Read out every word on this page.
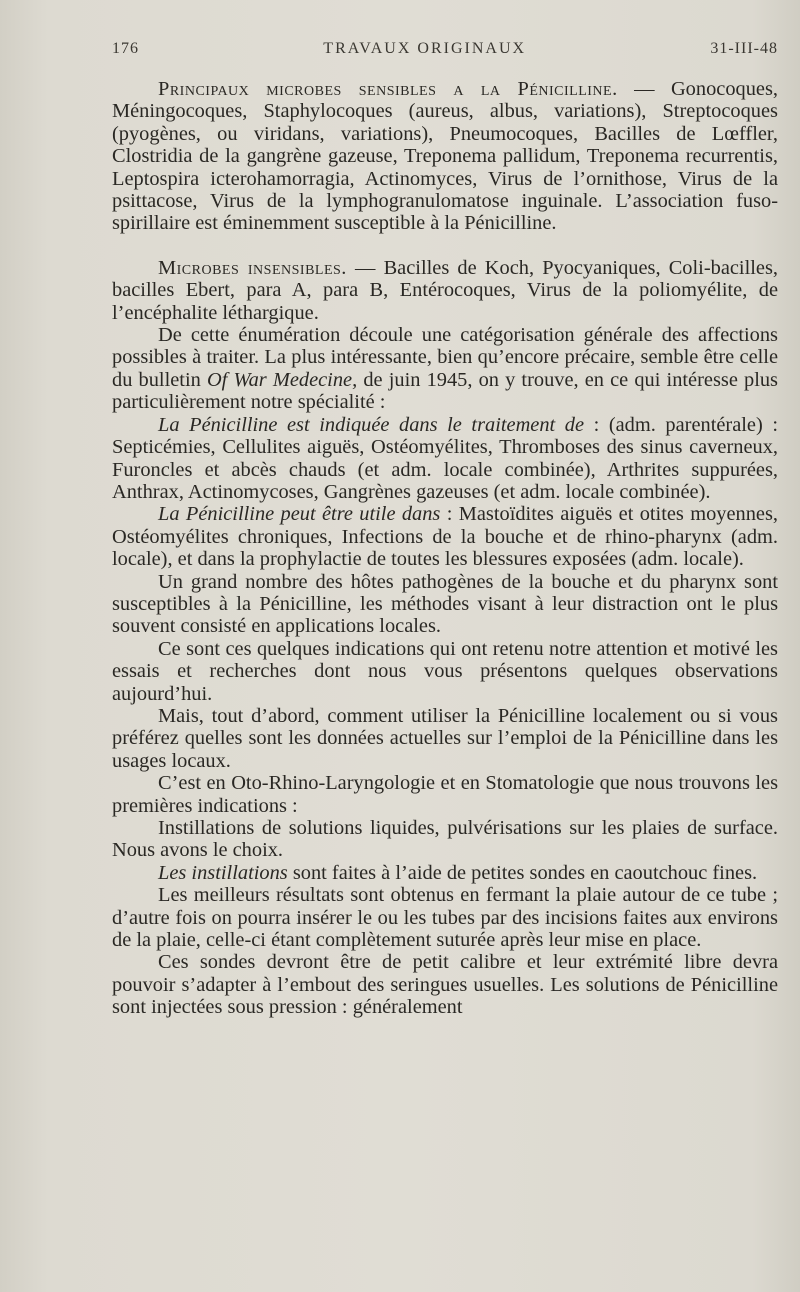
176	TRAVAUX ORIGINAUX	31-III-48

Principaux microbes sensibles a la Pénicilline. — Gonocoques, Méningocoques, Staphylocoques (aureus, albus, variations), Streptocoques (pyogènes, ou viridans, variations), Pneumocoques, Bacilles de Lœffler, Clostridia de la gangrène gazeuse, Treponema pallidum, Treponema recurrentis, Leptospira icterohamorragia, Actinomyces, Virus de l’ornithose, Virus de la psittacose, Virus de la lymphogranulomatose inguinale. L’association fuso-spirillaire est éminemment susceptible à la Pénicilline.

Microbes insensibles. — Bacilles de Koch, Pyocyaniques, Coli-bacilles, bacilles Ebert, para A, para B, Entérocoques, Virus de la poliomyélite, de l’encéphalite léthargique.

De cette énumération découle une catégorisation générale des affections possibles à traiter. La plus intéressante, bien qu’encore précaire, semble être celle du bulletin Of War Medecine, de juin 1945, on y trouve, en ce qui intéresse plus particulièrement notre spécialité :

La Pénicilline est indiquée dans le traitement de : (adm. parentérale) : Septicémies, Cellulites aiguës, Ostéomyélites, Thromboses des sinus caverneux, Furoncles et abcès chauds (et adm. locale combinée), Arthrites suppurées, Anthrax, Actinomycoses, Gangrènes gazeuses (et adm. locale combinée).

La Pénicilline peut être utile dans : Mastoïdites aiguës et otites moyennes, Ostéomyélites chroniques, Infections de la bouche et de rhino-pharynx (adm. locale), et dans la prophylactie de toutes les blessures exposées (adm. locale).

Un grand nombre des hôtes pathogènes de la bouche et du pharynx sont susceptibles à la Pénicilline, les méthodes visant à leur distraction ont le plus souvent consisté en applications locales.

Ce sont ces quelques indications qui ont retenu notre attention et motivé les essais et recherches dont nous vous présentons quelques observations aujourd’hui.

Mais, tout d’abord, comment utiliser la Pénicilline localement ou si vous préférez quelles sont les données actuelles sur l’emploi de la Pénicilline dans les usages locaux.

C’est en Oto-Rhino-Laryngologie et en Stomatologie que nous trouvons les premières indications :

Instillations de solutions liquides, pulvérisations sur les plaies de surface. Nous avons le choix.

Les instillations sont faites à l’aide de petites sondes en caoutchouc fines.

Les meilleurs résultats sont obtenus en fermant la plaie autour de ce tube ; d’autre fois on pourra insérer le ou les tubes par des incisions faites aux environs de la plaie, celle-ci étant complètement suturée après leur mise en place.

Ces sondes devront être de petit calibre et leur extrémité libre devra pouvoir s’adapter à l’embout des seringues usuelles. Les solutions de Pénicilline sont injectées sous pression : généralement
